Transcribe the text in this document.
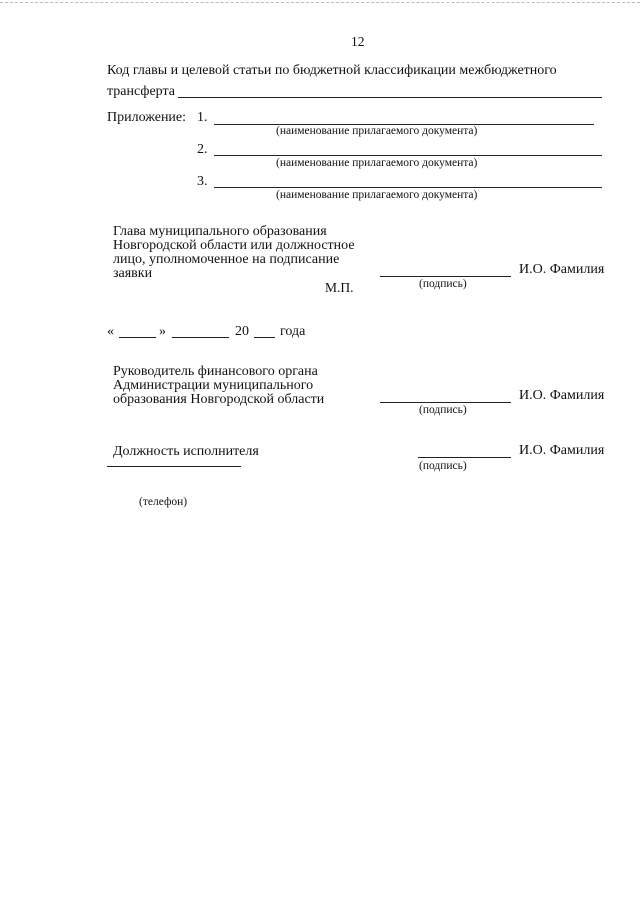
12
Код главы и целевой статьи по бюджетной классификации межбюджетного
трансферта
Приложение: 1.
(наименование прилагаемого документа)
2.
(наименование прилагаемого документа)
3.
(наименование прилагаемого документа)
Глава муниципального образования
Новгородской области или должностное
лицо, уполномоченное на подписание
заявки	И.О. Фамилия
М.П.	(подпись)
«	»	20 года
Руководитель финансового органа
Администрации муниципального
образования Новгородской области	И.О. Фамилия
(подпись)
Должность исполнителя	И.О. Фамилия
(подпись)
(телефон)
